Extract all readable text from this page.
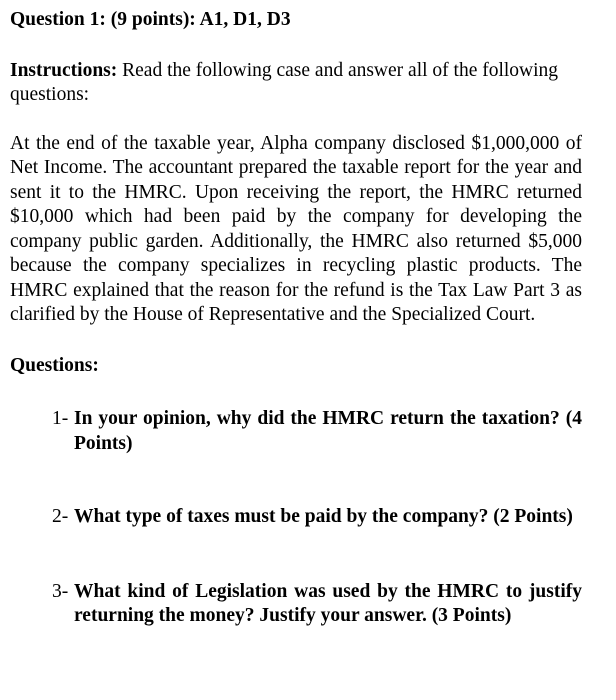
Question 1: (9 points): A1, D1, D3

Instructions: Read the following case and answer all of the following questions:

At the end of the taxable year, Alpha company disclosed $1,000,000 of Net Income. The accountant prepared the taxable report for the year and sent it to the HMRC. Upon receiving the report, the HMRC returned $10,000 which had been paid by the company for developing the company public garden. Additionally, the HMRC also returned $5,000 because the company specializes in recycling plastic products. The HMRC explained that the reason for the refund is the Tax Law Part 3 as clarified by the House of Representative and the Specialized Court.

Questions:

1- In your opinion, why did the HMRC return the taxation? (4 Points)
2- What type of taxes must be paid by the company? (2 Points)
3- What kind of Legislation was used by the HMRC to justify returning the money? Justify your answer. (3 Points)
